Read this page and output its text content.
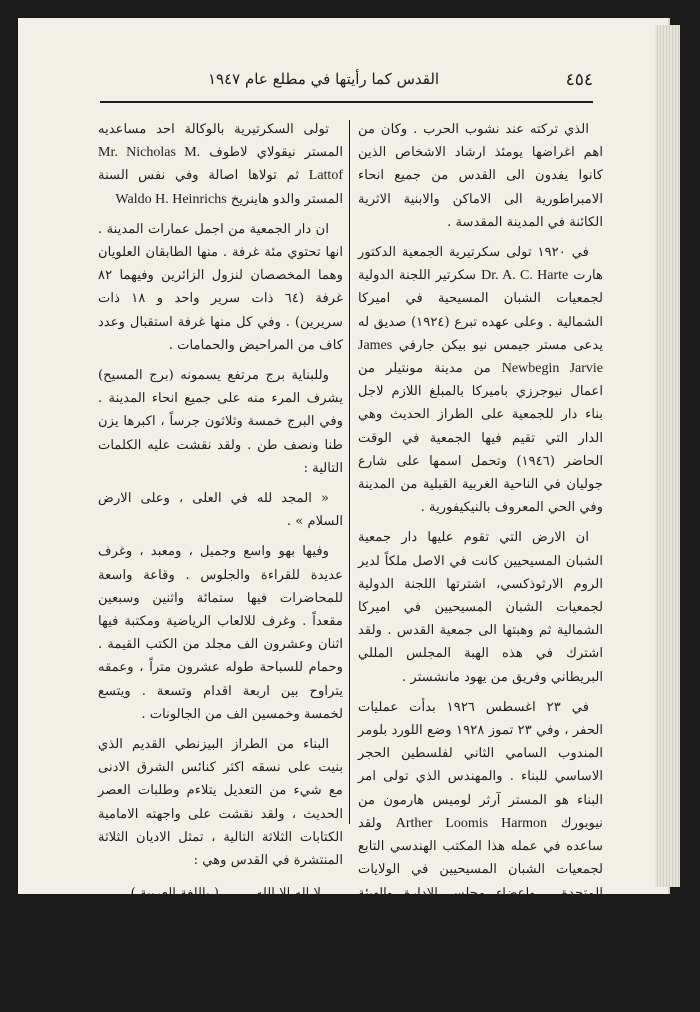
٤٥٤
القدس كما رأيتها في مطلع عام ١٩٤٧

الذي تركته عند نشوب الحرب . وكان من اهم اغراضها يومئذ ارشاد الاشخاص الذين كانوا يفدون الى القدس من جميع انحاء الامبراطورية الى الاماكن والابنية الاثرية الكائنة في المدينة المقدسة .

في ١٩٢٠ تولى سكرتيرية الجمعية الدكتور هارت Dr. A. C. Harte سكرتير اللجنة الدولية لجمعيات الشبان المسيحية في اميركا الشمالية . وعلى عهده تبرع (١٩٢٤) صديق له يدعى مستر جيمس نيو بيكن جارفي James Newbegin Jarvie من مدينة مونتيلر من اعمال نيوجرزي باميركا بالمبلغ اللازم لاجل بناء دار للجمعية على الطراز الحديث وهي الدار التي تقيم فيها الجمعية في الوقت الحاضر (١٩٤٦) وتحمل اسمها على شارع جوليان في الناحية الغربية القبلية من المدينة وفي الحي المعروف بالنيكيفورية .

ان الارض التي تقوم عليها دار جمعية الشبان المسيحيين كانت في الاصل ملكاً لدير الروم الارثوذكسي، اشترتها اللجنة الدولية لجمعيات الشبان المسيحيين في اميركا الشمالية ثم وهبتها الى جمعية القدس . ولقد اشترك في هذه الهبة المجلس المللي البريطاني وفريق من يهود مانشستر .

في ٢٣ اغسطس ١٩٢٦ بدأت عمليات الحفر ، وفي ٢٣ تموز ١٩٢٨ وضع اللورد بلومر المندوب السامي الثاني لفلسطين الحجر الاساسي للبناء . والمهندس الذي تولى امر البناء هو المستر آرثر لوميس هارمون من نيويورك Arther Loomis Harmon ولقد ساعده في عمله هذا المكتب الهندسي التابع لجمعيات الشبان المسيحيين في الولايات المتحدة ، واعضاء مجلس الادارة والهيئة المحلية التي الفت في القدس لاجل الاشراف على اعمال البناء .

عندما اعتزل الدكتور هارت العمل في ١٩٣٠

تولى السكرتيرية بالوكالة احد مساعديه المستر نيقولاي لاطوف Mr. Nicholas M. Lattof ثم تولاها اصالة وفي نفس السنة المستر والدو هاينريخ Waldo H. Heinrichs

ان دار الجمعية من اجمل عمارات المدينة . انها تحتوي مئة غرفة . منها الطابقان العلويان وهما المخصصان لنزول الزائرين وفيهما ٨٢ غرفة (٦٤ ذات سرير واحد و ١٨ ذات سريرين) . وفي كل منها غرفة استقبال وعدد كاف من المراحيض والحمامات .

وللبناية برج مرتفع يسمونه (برج المسيح) يشرف المرء منه على جميع انحاء المدينة . وفي البرج خمسة وثلاثون جرساً ، اكبرها يزن طنا ونصف طن . ولقد نقشت عليه الكلمات التالية :

« المجد لله في العلى ، وعلى الارض السلام » .

وفيها بهو واسع وجميل ، ومعبد ، وغرف عديدة للقراءة والجلوس . وقاعة واسعة للمحاضرات فيها ستمائة واثنين وسبعين مقعداً . وغرف للالعاب الرياضية ومكتبة فيها اثنان وعشرون الف مجلد من الكتب القيمة . وحمام للسباحة طوله عشرون متراً ، وعمقه يتراوح بين اربعة اقدام وتسعة . ويتسع لخمسة وخمسين الف من الجالونات .

البناء من الطراز البيزنطي القديم الذي بنيت على نسقه اكثر كنائس الشرق الادنى مع شيء من التعديل يتلاءم وطلبات العصر الحديث ، ولقد نقشت على واجهته الامامية الكتابات الثلاثة التالية ، تمثل الاديان الثلاثة المنتشرة في القدس وهي :

لا اله الا الله
( باللغة العربية )
لا اله الا الله
( باللغة العبرية )
لا اله الا الله
( باللغة الارامية )
